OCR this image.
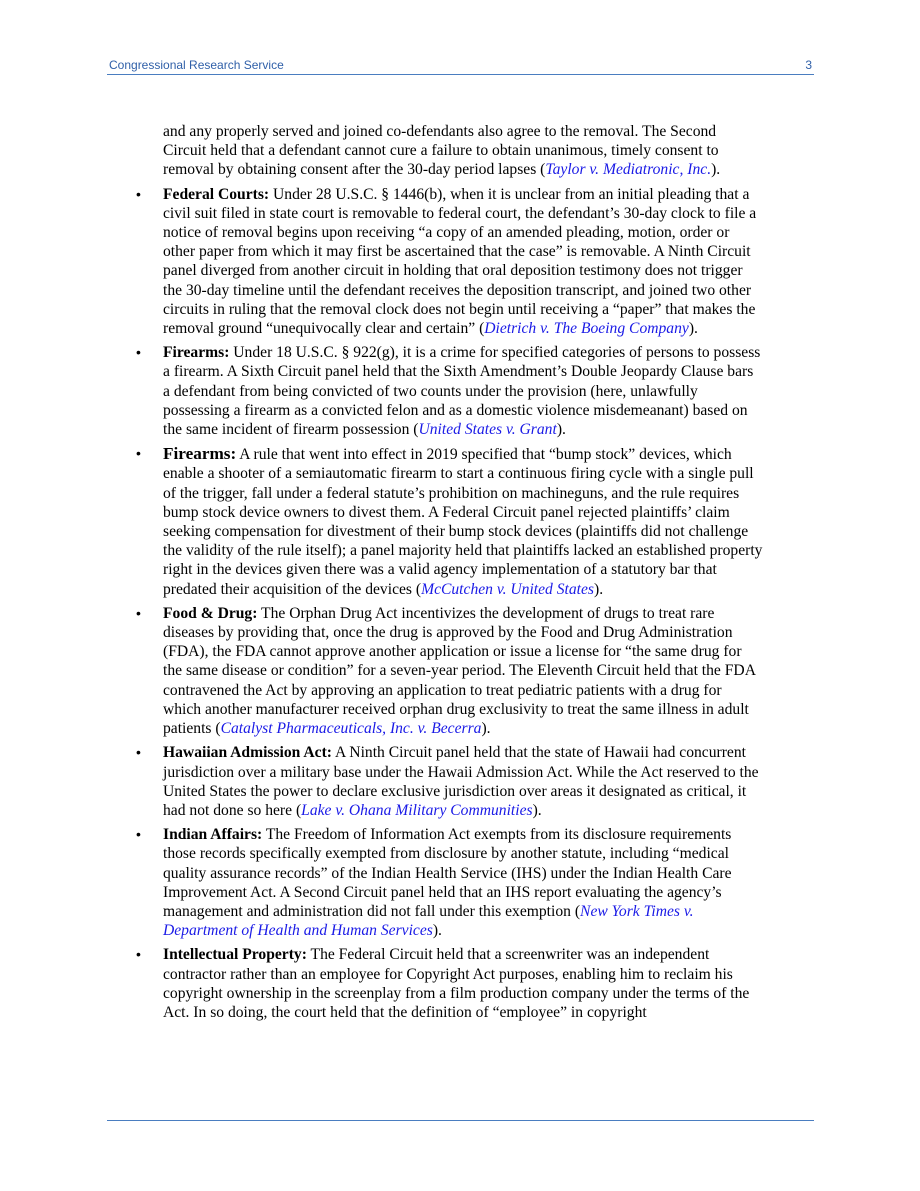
Congressional Research Service	3

and any properly served and joined co-defendants also agree to the removal. The Second Circuit held that a defendant cannot cure a failure to obtain unanimous, timely consent to removal by obtaining consent after the 30-day period lapses (Taylor v. Mediatronic, Inc.).

• Federal Courts: Under 28 U.S.C. § 1446(b), when it is unclear from an initial pleading that a civil suit filed in state court is removable to federal court, the defendant’s 30-day clock to file a notice of removal begins upon receiving “a copy of an amended pleading, motion, order or other paper from which it may first be ascertained that the case” is removable. A Ninth Circuit panel diverged from another circuit in holding that oral deposition testimony does not trigger the 30-day timeline until the defendant receives the deposition transcript, and joined two other circuits in ruling that the removal clock does not begin until receiving a “paper” that makes the removal ground “unequivocally clear and certain” (Dietrich v. The Boeing Company).
• Firearms: Under 18 U.S.C. § 922(g), it is a crime for specified categories of persons to possess a firearm. A Sixth Circuit panel held that the Sixth Amendment’s Double Jeopardy Clause bars a defendant from being convicted of two counts under the provision (here, unlawfully possessing a firearm as a convicted felon and as a domestic violence misdemeanant) based on the same incident of firearm possession (United States v. Grant).
• Firearms: A rule that went into effect in 2019 specified that “bump stock” devices, which enable a shooter of a semiautomatic firearm to start a continuous firing cycle with a single pull of the trigger, fall under a federal statute’s prohibition on machineguns, and the rule requires bump stock device owners to divest them. A Federal Circuit panel rejected plaintiffs’ claim seeking compensation for divestment of their bump stock devices (plaintiffs did not challenge the validity of the rule itself); a panel majority held that plaintiffs lacked an established property right in the devices given there was a valid agency implementation of a statutory bar that predated their acquisition of the devices (McCutchen v. United States).
• Food & Drug: The Orphan Drug Act incentivizes the development of drugs to treat rare diseases by providing that, once the drug is approved by the Food and Drug Administration (FDA), the FDA cannot approve another application or issue a license for “the same drug for the same disease or condition” for a seven-year period. The Eleventh Circuit held that the FDA contravened the Act by approving an application to treat pediatric patients with a drug for which another manufacturer received orphan drug exclusivity to treat the same illness in adult patients (Catalyst Pharmaceuticals, Inc. v. Becerra).
• Hawaiian Admission Act: A Ninth Circuit panel held that the state of Hawaii had concurrent jurisdiction over a military base under the Hawaii Admission Act. While the Act reserved to the United States the power to declare exclusive jurisdiction over areas it designated as critical, it had not done so here (Lake v. Ohana Military Communities).
• Indian Affairs: The Freedom of Information Act exempts from its disclosure requirements those records specifically exempted from disclosure by another statute, including “medical quality assurance records” of the Indian Health Service (IHS) under the Indian Health Care Improvement Act. A Second Circuit panel held that an IHS report evaluating the agency’s management and administration did not fall under this exemption (New York Times v. Department of Health and Human Services).
• Intellectual Property: The Federal Circuit held that a screenwriter was an independent contractor rather than an employee for Copyright Act purposes, enabling him to reclaim his copyright ownership in the screenplay from a film production company under the terms of the Act. In so doing, the court held that the definition of “employee” in copyright
